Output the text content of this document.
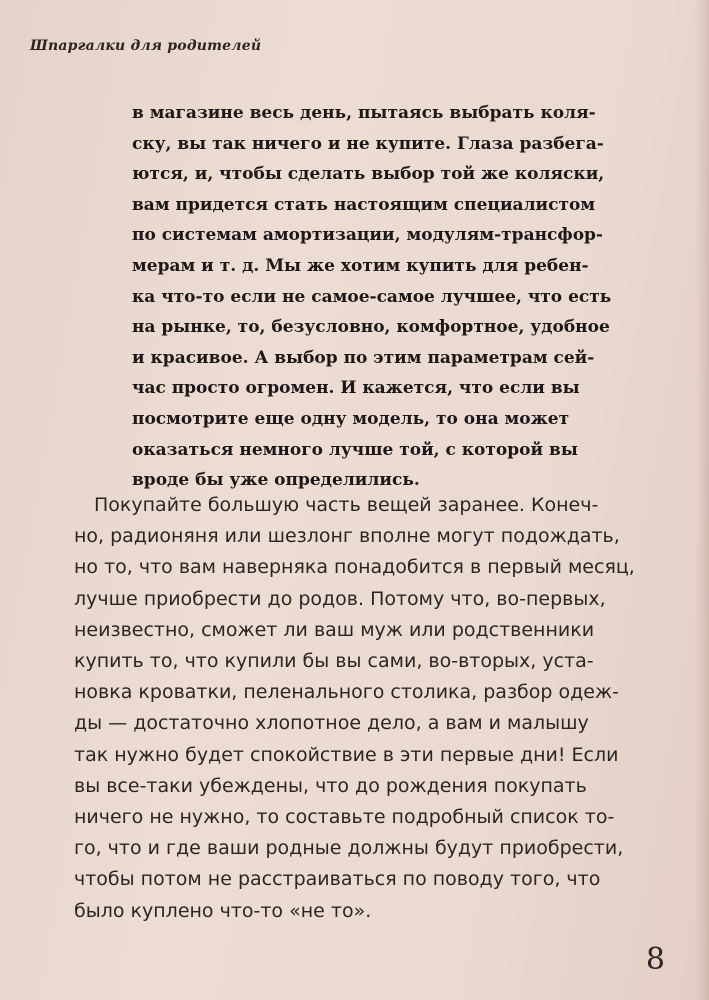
Шпаргалки для родителей
в магазине весь день, пытаясь выбрать коля-
ску, вы так ничего и не купите. Глаза разбега-
ются, и, чтобы сделать выбор той же коляски,
вам придется стать настоящим специалистом
по системам амортизации, модулям-трансфор-
мерам и т. д. Мы же хотим купить для ребен-
ка что-то если не самое-самое лучшее, что есть
на рынке, то, безусловно, комфортное, удобное
и красивое. А выбор по этим параметрам сей-
час просто огромен. И кажется, что если вы
посмотрите еще одну модель, то она может
оказаться немного лучше той, с которой вы
вроде бы уже определились.
Покупайте большую часть вещей заранее. Конеч-
но, радионяня или шезлонг вполне могут подождать,
но то, что вам наверняка понадобится в первый месяц,
лучше приобрести до родов. Потому что, во-первых,
неизвестно, сможет ли ваш муж или родственники
купить то, что купили бы вы сами, во-вторых, уста-
новка кроватки, пеленального столика, разбор одеж-
ды — достаточно хлопотное дело, а вам и малышу
так нужно будет спокойствие в эти первые дни! Если
вы все-таки убеждены, что до рождения покупать
ничего не нужно, то составьте подробный список то-
го, что и где ваши родные должны будут приобрести,
чтобы потом не расстраиваться по поводу того, что
было куплено что-то «не то».
8
